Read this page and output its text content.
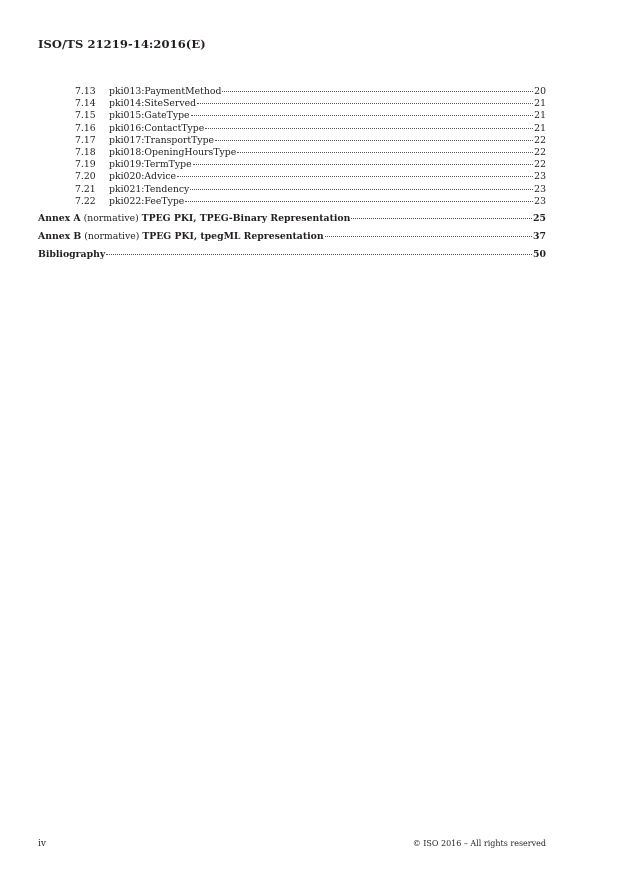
ISO/TS 21219-14:2016(E)
7.13	pki013:PaymentMethod	20
7.14	pki014:SiteServed	21
7.15	pki015:GateType	21
7.16	pki016:ContactType	21
7.17	pki017:TransportType	22
7.18	pki018:OpeningHoursType	22
7.19	pki019:TermType	22
7.20	pki020:Advice	23
7.21	pki021:Tendency	23
7.22	pki022:FeeType	23
Annex A (normative) TPEG PKI, TPEG-Binary Representation	25
Annex B (normative) TPEG PKI, tpegML Representation	37
Bibliography	50
iv	© ISO 2016 – All rights reserved
